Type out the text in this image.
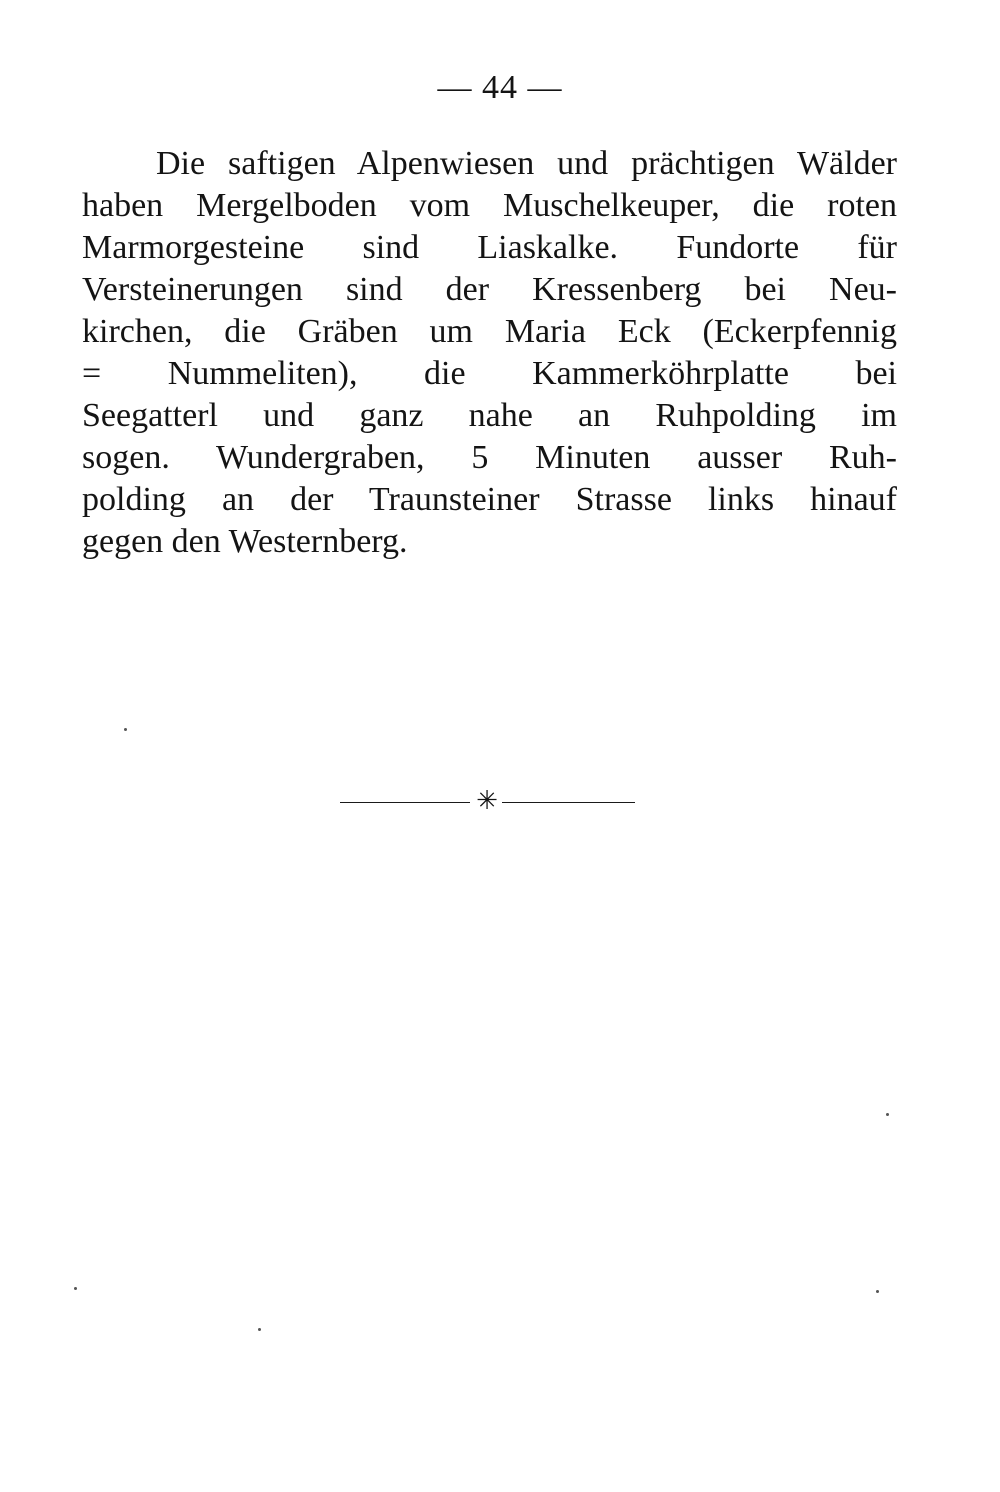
— 44 —
Die saftigen Alpenwiesen und prächtigen Wälder
haben Mergelboden vom Muschelkeuper, die roten
Marmorgesteine sind Liaskalke. Fundorte für
Versteinerungen sind der Kressenberg bei Neu-
kirchen, die Gräben um Maria Eck (Eckerpfennig
= Nummeliten), die Kammerköhrplatte bei
Seegatterl und ganz nahe an Ruhpolding im
sogen. Wundergraben, 5 Minuten ausser Ruh-
polding an der Traunsteiner Strasse links hinauf
gegen den Westernberg.
✳
